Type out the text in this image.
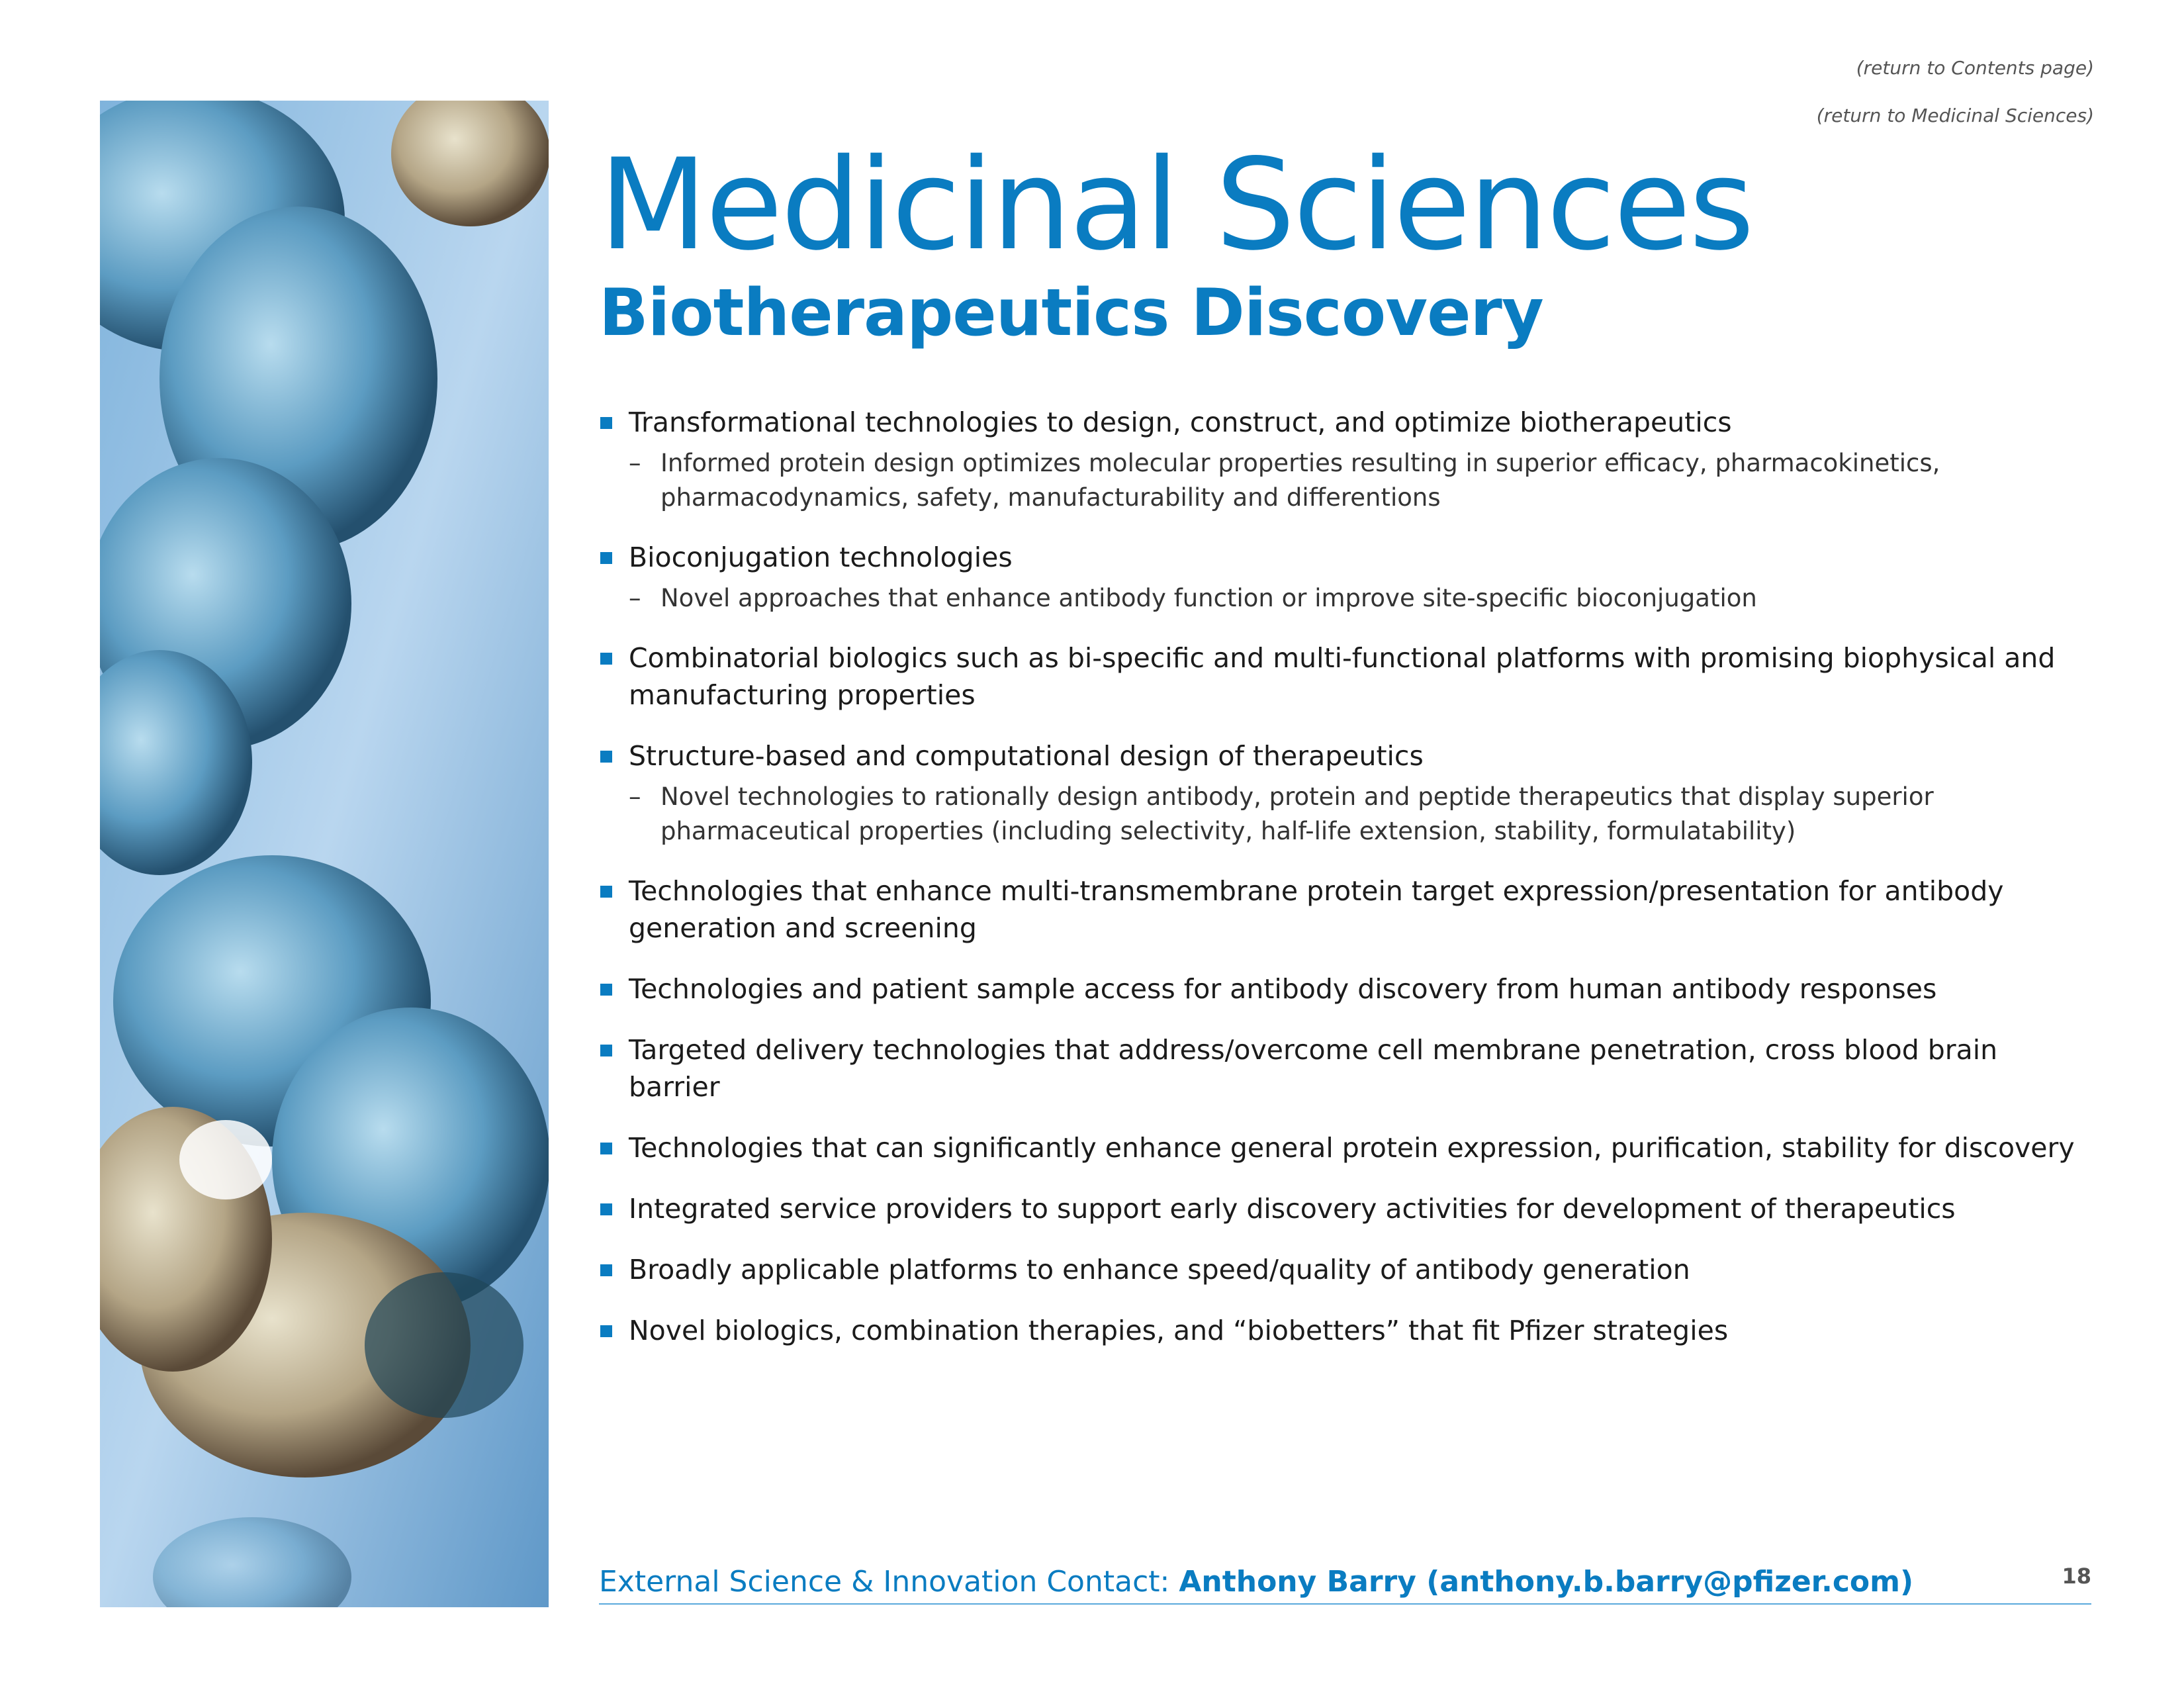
(return to Contents page)
(return to Medicinal Sciences)
Medicinal Sciences
Biotherapeutics Discovery
Transformational technologies to design, construct, and optimize biotherapeutics
– Informed protein design optimizes molecular properties resulting in superior efficacy, pharmacokinetics, pharmacodynamics, safety, manufacturability and differentions
Bioconjugation technologies
– Novel approaches that enhance antibody function or improve site-specific bioconjugation
Combinatorial biologics such as bi-specific and multi-functional platforms with promising biophysical and manufacturing properties
Structure-based and computational design of therapeutics
– Novel technologies to rationally design antibody, protein and peptide therapeutics that display superior pharmaceutical properties (including selectivity, half-life extension, stability, formulatability)
Technologies that enhance multi-transmembrane protein target expression/presentation for antibody generation and screening
Technologies and patient sample access for antibody discovery from human antibody responses
Targeted delivery technologies that address/overcome cell membrane penetration, cross blood brain barrier
Technologies that can significantly enhance general protein expression, purification, stability for discovery
Integrated service providers to support early discovery activities for development of therapeutics
Broadly applicable platforms to enhance speed/quality of antibody generation
Novel biologics, combination therapies, and “biobetters” that fit Pfizer strategies
External Science & Innovation Contact: Anthony Barry (anthony.b.barry@pfizer.com)	18
